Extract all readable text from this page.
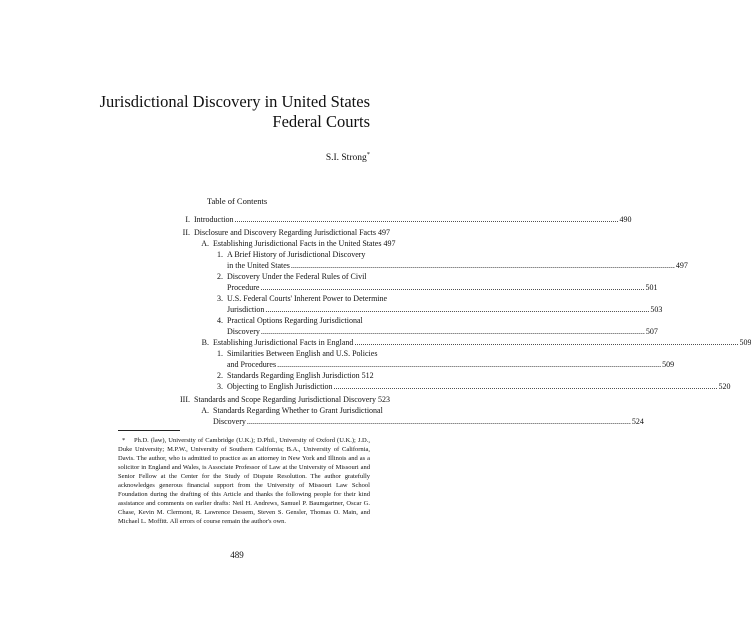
Jurisdictional Discovery in United States
Federal Courts
S.I. Strong*
Table of Contents
I. Introduction .....	490
II. Disclosure and Discovery Regarding Jurisdictional Facts 497
A. Establishing Jurisdictional Facts in the United States 497
1. A Brief History of Jurisdictional Discovery
in the United States .....	497
2. Discovery Under the Federal Rules of Civil
Procedure .....	501
3. U.S. Federal Courts' Inherent Power to Determine
Jurisdiction .....	503
4. Practical Options Regarding Jurisdictional
Discovery .....	507
B. Establishing Jurisdictional Facts in England .....	509
1. Similarities Between English and U.S. Policies
and Procedures .....	509
2. Standards Regarding English Jurisdiction 512
3. Objecting to English Jurisdiction .....	520
III. Standards and Scope Regarding Jurisdictional Discovery 523
A. Standards Regarding Whether to Grant Jurisdictional
Discovery .....	524
* Ph.D. (law), University of Cambridge (U.K.); D.Phil., University of Oxford (U.K.); J.D., Duke University; M.P.W., University of Southern California; B.A., University of California, Davis. The author, who is admitted to practice as an attorney in New York and Illinois and as a solicitor in England and Wales, is Associate Professor of Law at the University of Missouri and Senior Fellow at the Center for the Study of Dispute Resolution. The author gratefully acknowledges generous financial support from the University of Missouri Law School Foundation during the drafting of this Article and thanks the following people for their kind assistance and comments on earlier drafts: Neil H. Andrews, Samuel P. Baumgartner, Oscar G. Chase, Kevin M. Clermont, R. Lawrence Dessem, Steven S. Gensler, Thomas O. Main, and Michael L. Moffitt. All errors of course remain the author's own.
489
